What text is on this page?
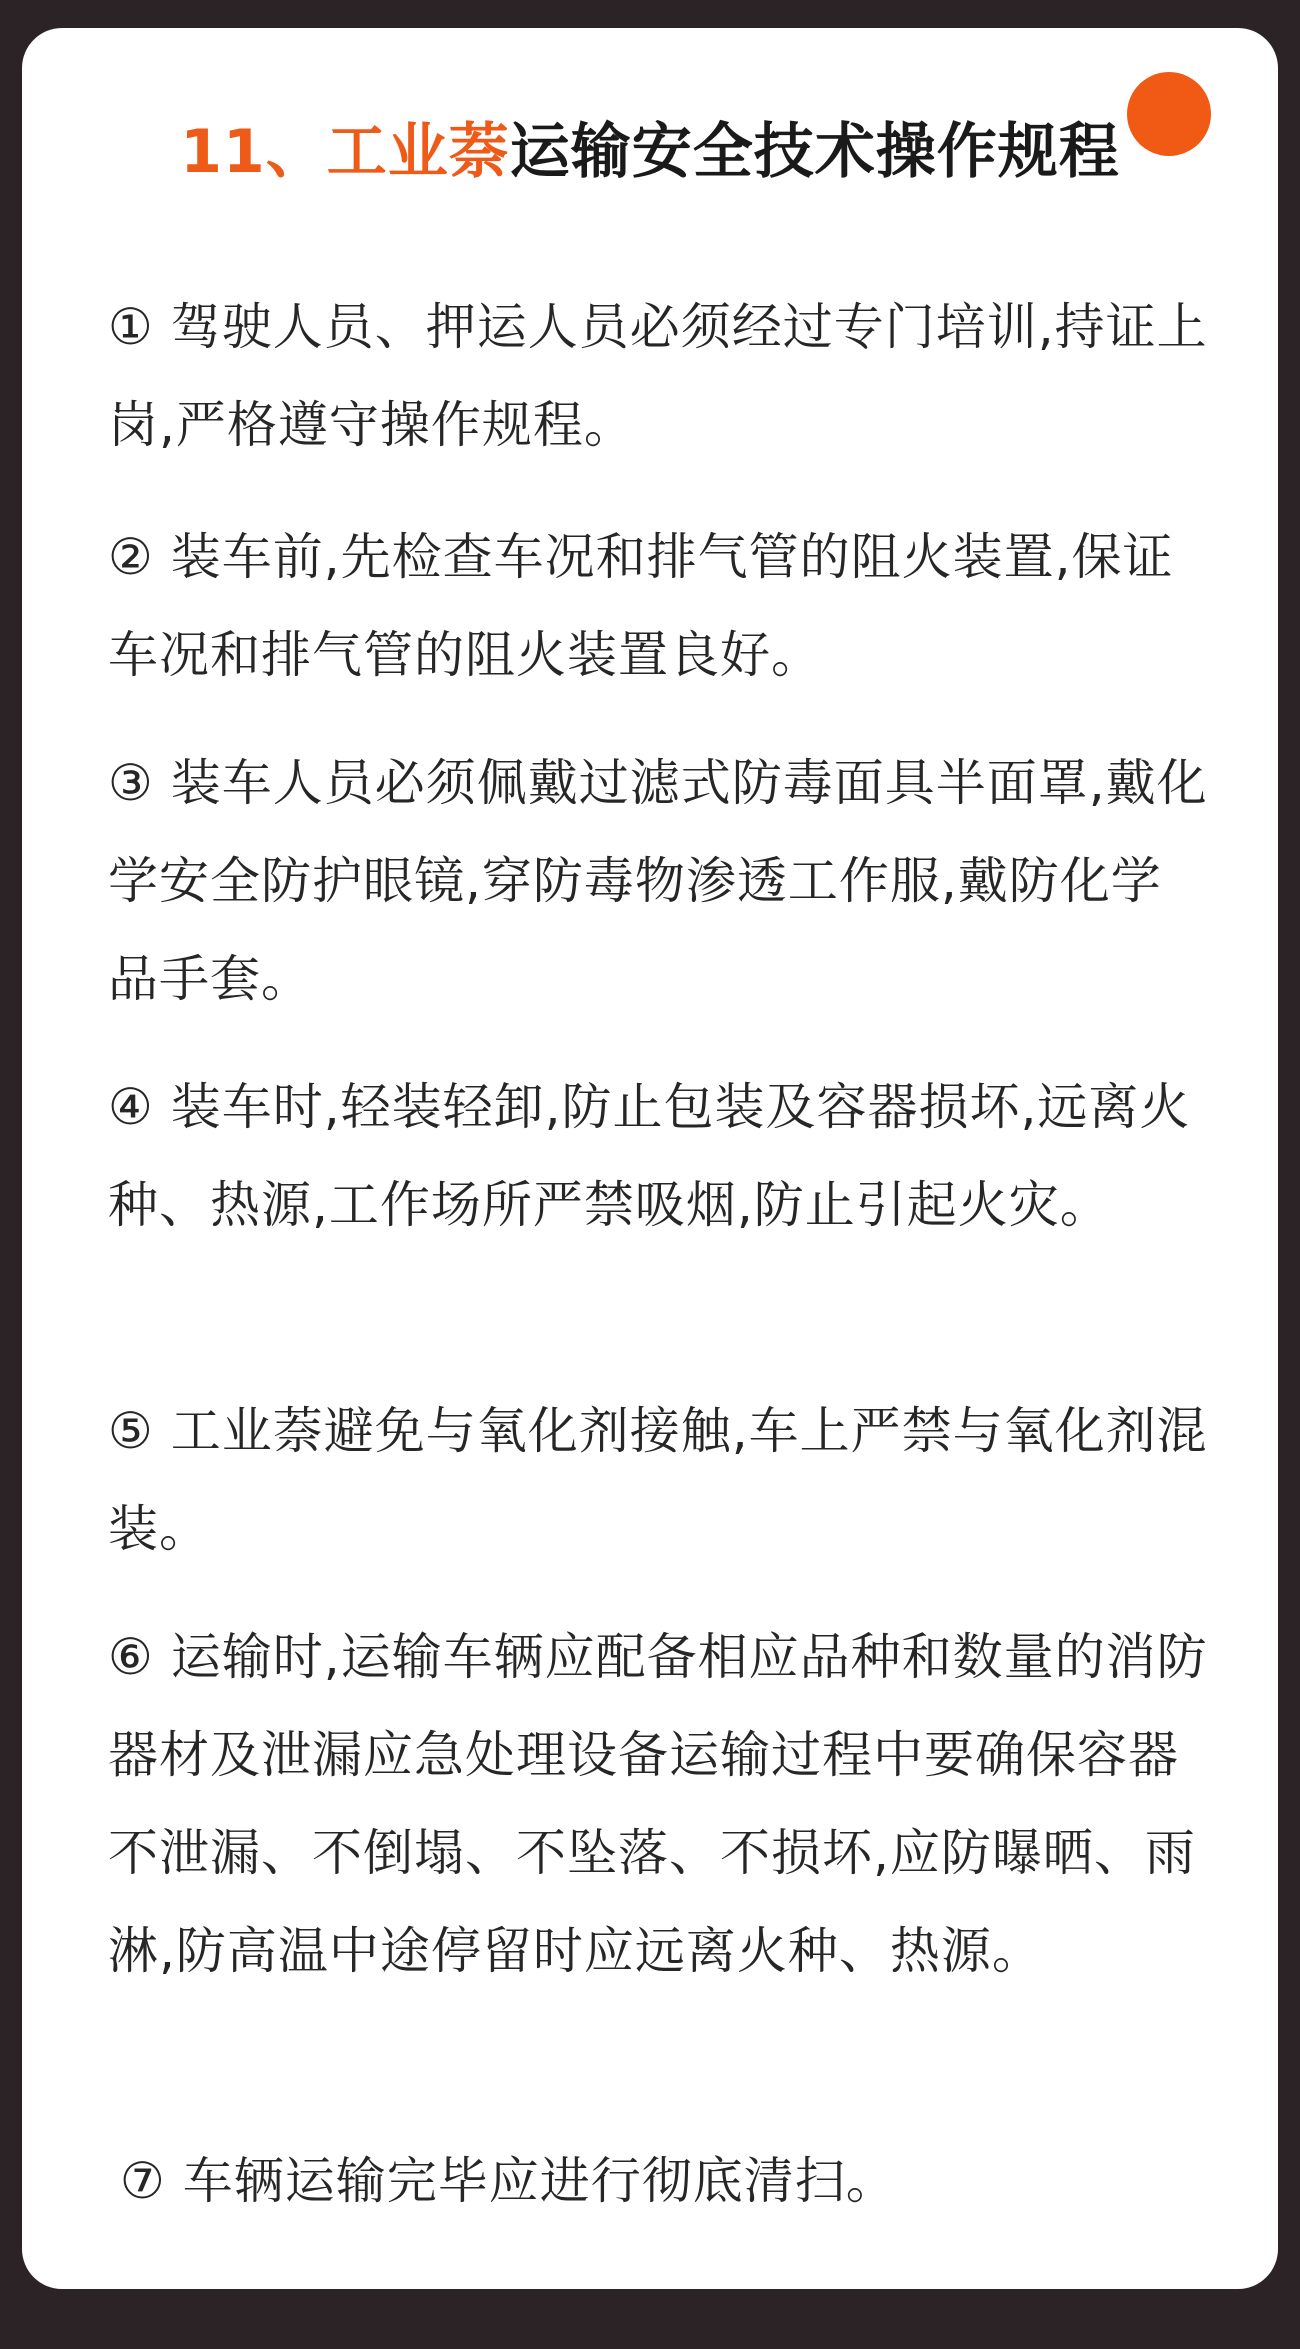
11、工业萘运输安全技术操作规程
① 驾驶人员、押运人员必须经过专门培训,持证上岗,严格遵守操作规程。
② 装车前,先检查车况和排气管的阻火装置,保证车况和排气管的阻火装置良好。
③ 装车人员必须佩戴过滤式防毒面具半面罩,戴化学安全防护眼镜,穿防毒物渗透工作服,戴防化学品手套。
④ 装车时,轻装轻卸,防止包装及容器损坏,远离火种、热源,工作场所严禁吸烟,防止引起火灾。
⑤ 工业萘避免与氧化剂接触,车上严禁与氧化剂混装。
⑥ 运输时,运输车辆应配备相应品种和数量的消防器材及泄漏应急处理设备运输过程中要确保容器不泄漏、不倒塌、不坠落、不损坏,应防曝晒、雨淋,防高温中途停留时应远离火种、热源。
⑦ 车辆运输完毕应进行彻底清扫。
